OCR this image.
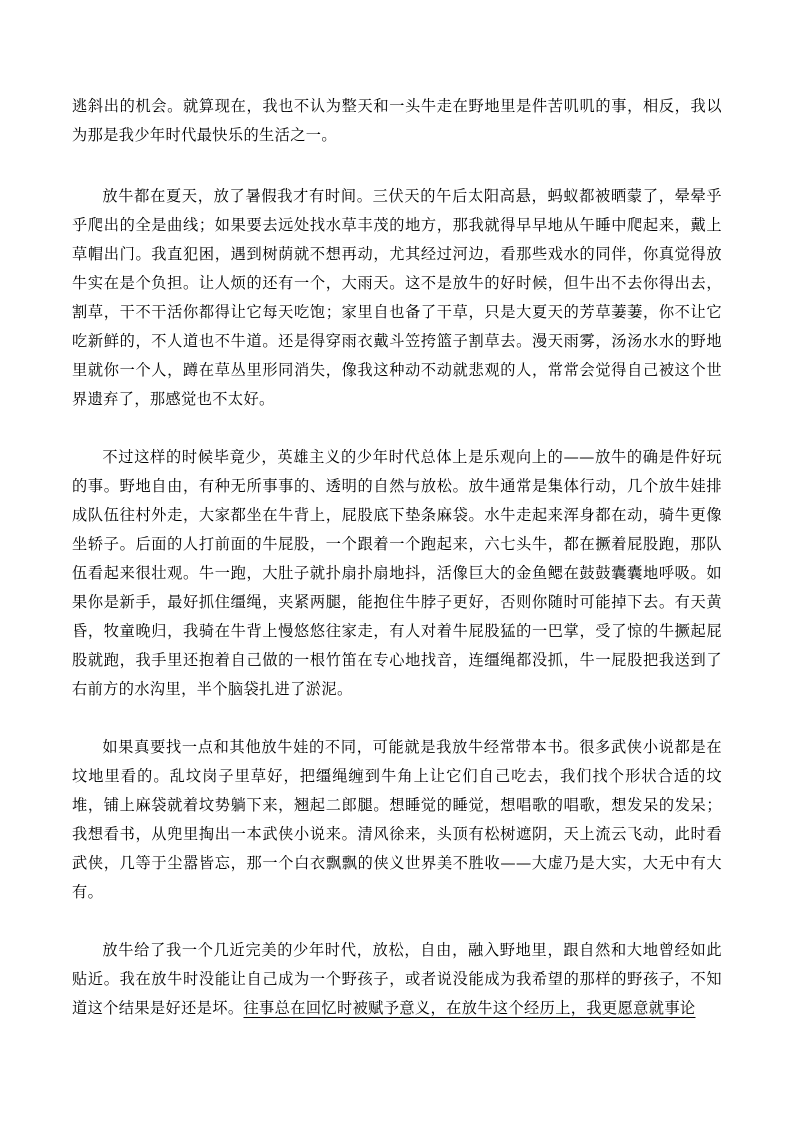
逃斜出的机会。就算现在，我也不认为整天和一头牛走在野地里是件苦叽叽的事，相反，我以为那是我少年时代最快乐的生活之一。

放牛都在夏天，放了暑假我才有时间。三伏天的午后太阳高悬，蚂蚁都被晒蒙了，晕晕乎乎爬出的全是曲线；如果要去远处找水草丰茂的地方，那我就得早早地从午睡中爬起来，戴上草帽出门。我直犯困，遇到树荫就不想再动，尤其经过河边，看那些戏水的同伴，你真觉得放牛实在是个负担。让人烦的还有一个，大雨天。这不是放牛的好时候，但牛出不去你得出去，割草，干不干活你都得让它每天吃饱；家里自也备了干草，只是大夏天的芳草萋萋，你不让它吃新鲜的，不人道也不牛道。还是得穿雨衣戴斗笠挎篮子割草去。漫天雨雾，汤汤水水的野地里就你一个人，蹲在草丛里形同消失，像我这种动不动就悲观的人，常常会觉得自己被这个世界遗弃了，那感觉也不太好。

不过这样的时候毕竟少，英雄主义的少年时代总体上是乐观向上的——放牛的确是件好玩的事。野地自由，有种无所事事的、透明的自然与放松。放牛通常是集体行动，几个放牛娃排成队伍往村外走，大家都坐在牛背上，屁股底下垫条麻袋。水牛走起来浑身都在动，骑牛更像坐轿子。后面的人打前面的牛屁股，一个跟着一个跑起来，六七头牛，都在撅着屁股跑，那队伍看起来很壮观。牛一跑，大肚子就扑扇扑扇地抖，活像巨大的金鱼鳃在鼓鼓囊囊地呼吸。如果你是新手，最好抓住缰绳，夹紧两腿，能抱住牛脖子更好，否则你随时可能掉下去。有天黄昏，牧童晚归，我骑在牛背上慢悠悠往家走，有人对着牛屁股猛的一巴掌，受了惊的牛撅起屁股就跑，我手里还抱着自己做的一根竹笛在专心地找音，连缰绳都没抓，牛一屁股把我送到了右前方的水沟里，半个脑袋扎进了淤泥。

如果真要找一点和其他放牛娃的不同，可能就是我放牛经常带本书。很多武侠小说都是在坟地里看的。乱坟岗子里草好，把缰绳缠到牛角上让它们自己吃去，我们找个形状合适的坟堆，铺上麻袋就着坟势躺下来，翘起二郎腿。想睡觉的睡觉，想唱歌的唱歌，想发呆的发呆；我想看书，从兜里掏出一本武侠小说来。清风徐来，头顶有松树遮阴，天上流云飞动，此时看武侠，几等于尘嚣皆忘，那一个白衣飘飘的侠义世界美不胜收——大虚乃是大实，大无中有大有。

放牛给了我一个几近完美的少年时代，放松，自由，融入野地里，跟自然和大地曾经如此贴近。我在放牛时没能让自己成为一个野孩子，或者说没能成为我希望的那样的野孩子，不知道这个结果是好还是坏。往事总在回忆时被赋予意义，在放牛这个经历上，我更愿意就事论
